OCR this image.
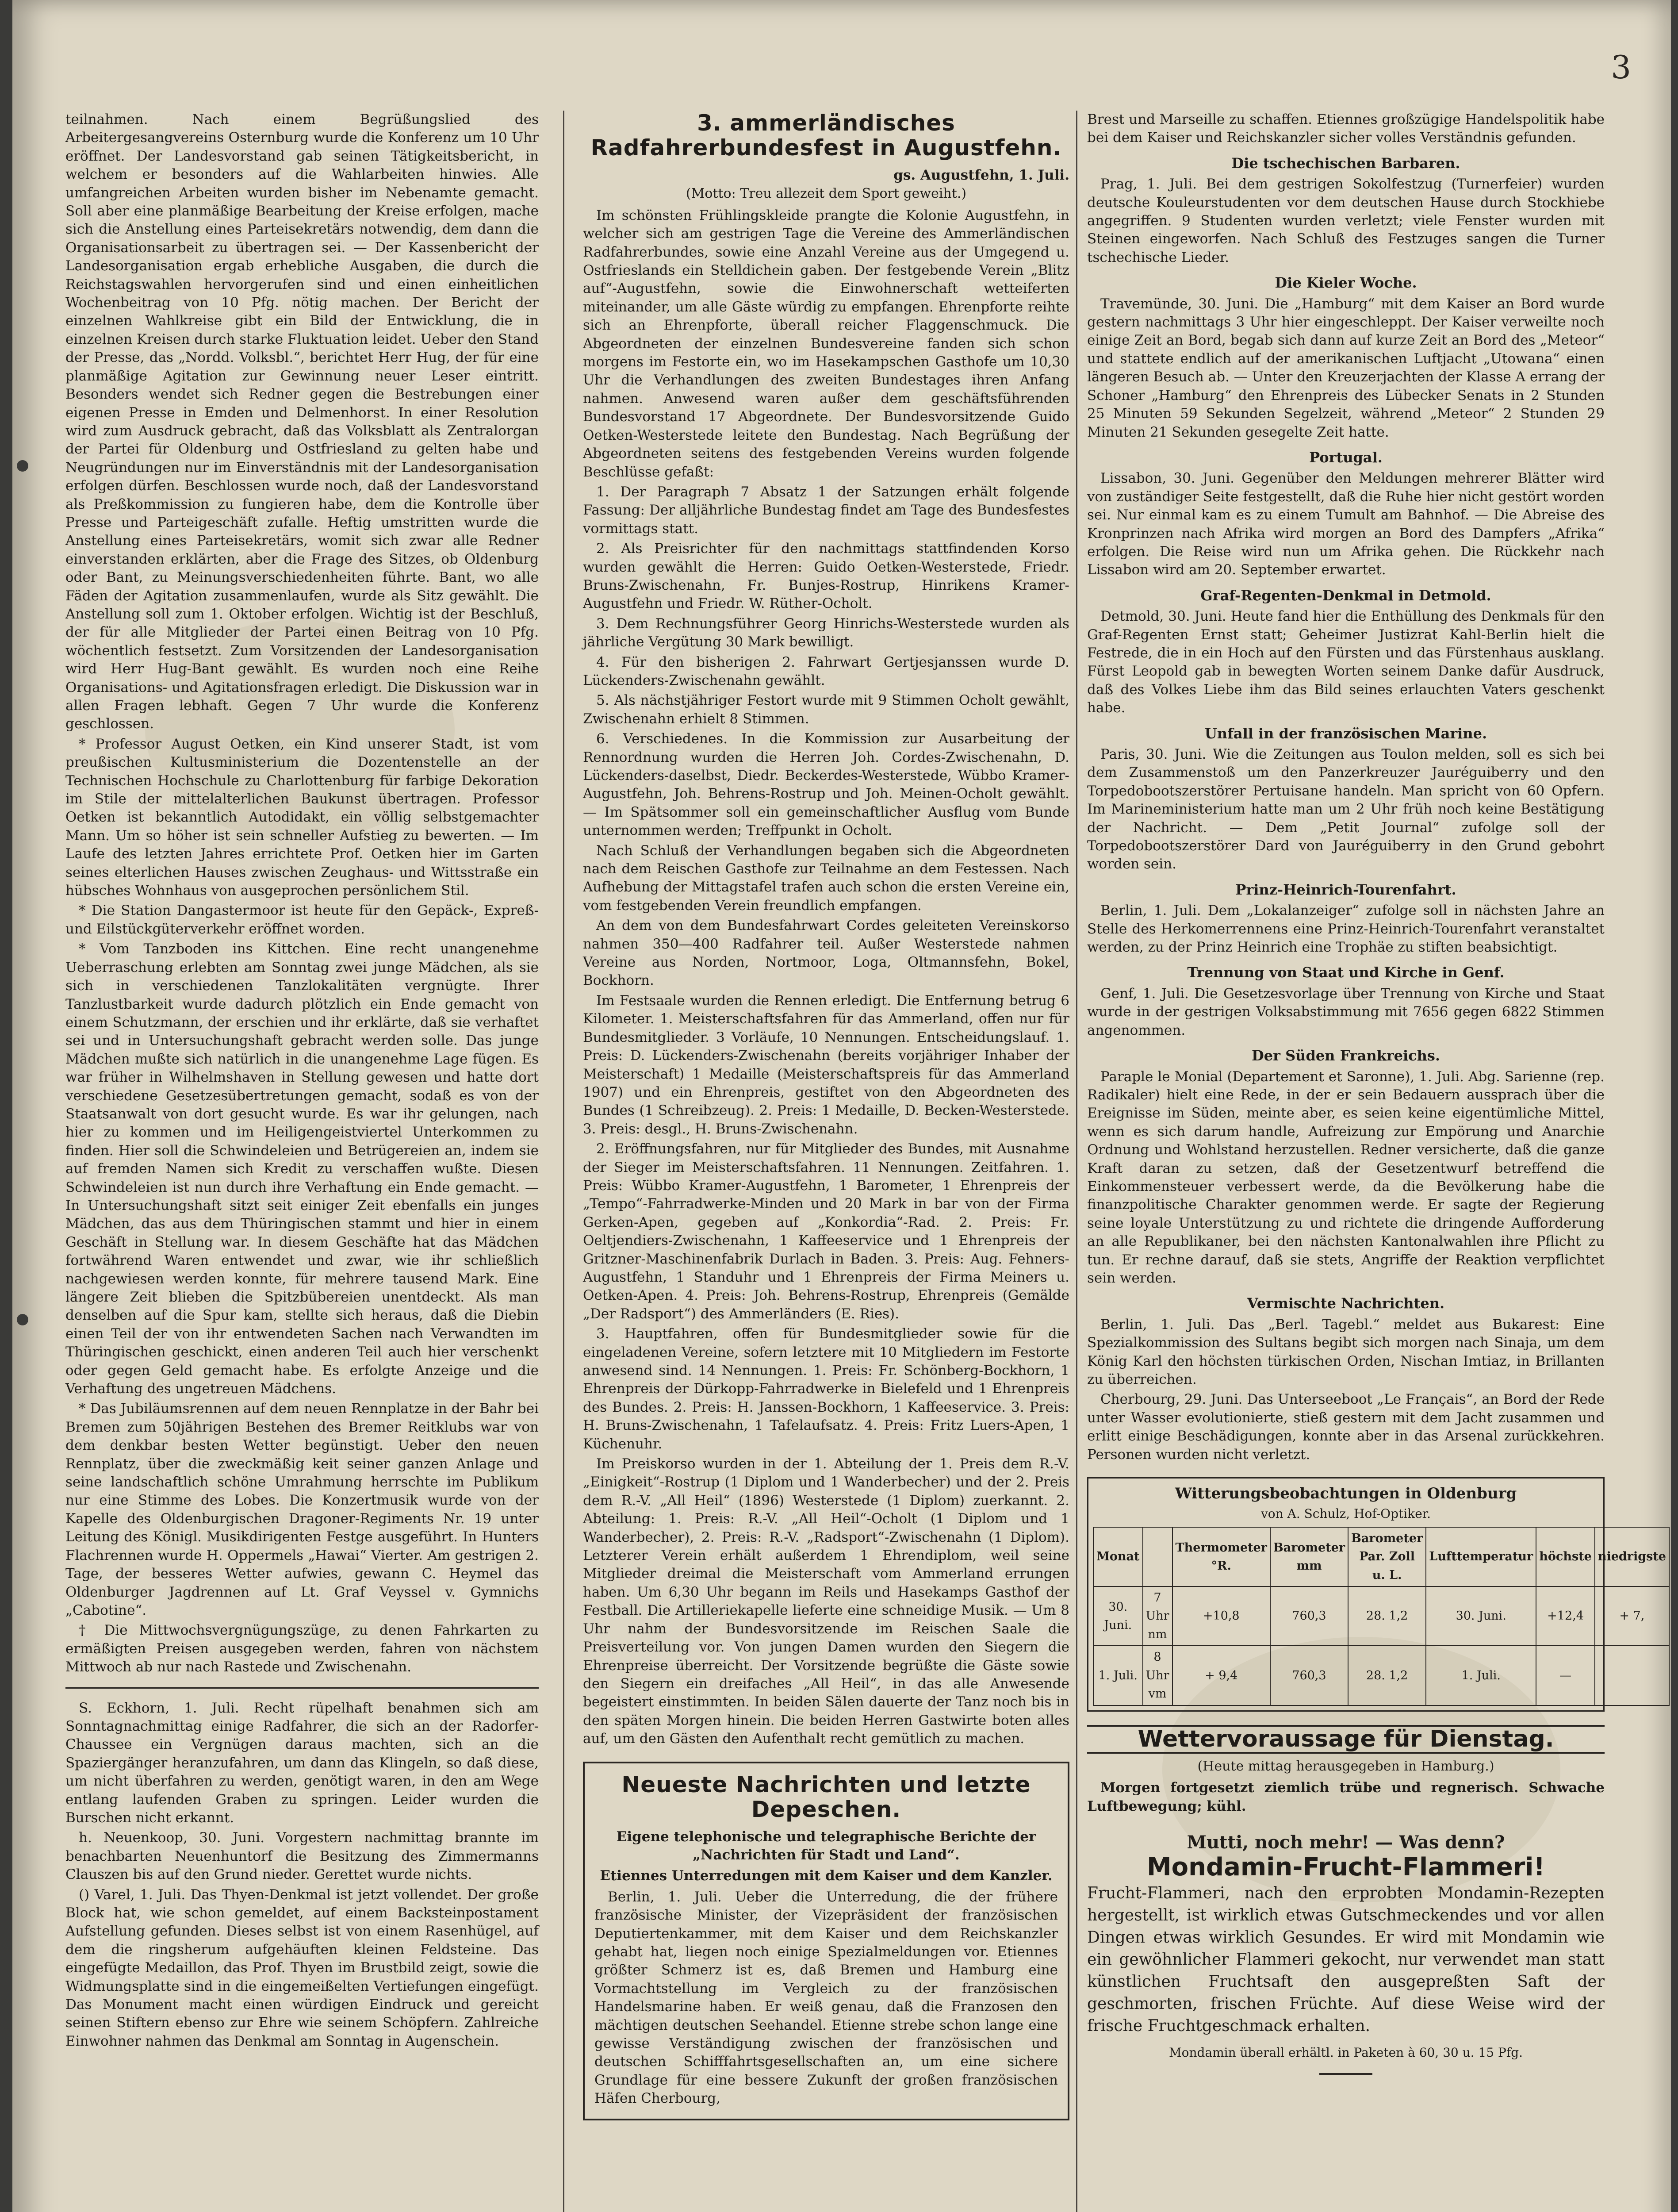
3

teilnahmen. Nach einem Begrüßungslied des Arbeitergesangvereins Osternburg wurde die Konferenz um 10 Uhr eröffnet. Der Landesvorstand gab seinen Tätigkeitsbericht, in welchem er besonders auf die Wahlarbeiten hinwies. Alle umfangreichen Arbeiten wurden bisher im Nebenamte gemacht. Soll aber eine planmäßige Bearbeitung der Kreise erfolgen, mache sich die Anstellung eines Parteisekretärs notwendig, dem dann die Organisationsarbeit zu übertragen sei. — Der Kassenbericht der Landesorganisation ergab erhebliche Ausgaben, die durch die Reichstagswahlen hervorgerufen sind und einen einheitlichen Wochenbeitrag von 10 Pfg. nötig machen. Der Bericht der einzelnen Wahlkreise gibt ein Bild der Entwicklung, die in einzelnen Kreisen durch starke Fluktuation leidet. Ueber den Stand der Presse, das „Nordd. Volksbl.“, berichtet Herr Hug, der für eine planmäßige Agitation zur Gewinnung neuer Leser eintritt. Besonders wendet sich Redner gegen die Bestrebungen einer eigenen Presse in Emden und Delmenhorst. In einer Resolution wird zum Ausdruck gebracht, daß das Volksblatt als Zentralorgan der Partei für Oldenburg und Ostfriesland zu gelten habe und Neugründungen nur im Einverständnis mit der Landesorganisation erfolgen dürfen. Beschlossen wurde noch, daß der Landesvorstand als Preßkommission zu fungieren habe, dem die Kontrolle über Presse und Parteigeschäft zufalle. Heftig umstritten wurde die Anstellung eines Parteisekretärs, womit sich zwar alle Redner einverstanden erklärten, aber die Frage des Sitzes, ob Oldenburg oder Bant, zu Meinungsverschiedenheiten führte. Bant, wo alle Fäden der Agitation zusammenlaufen, wurde als Sitz gewählt. Die Anstellung soll zum 1. Oktober erfolgen. Wichtig ist der Beschluß, der für alle Mitglieder der Partei einen Beitrag von 10 Pfg. wöchentlich festsetzt. Zum Vorsitzenden der Landesorganisation wird Herr Hug-Bant gewählt. Es wurden noch eine Reihe Organisations- und Agitationsfragen erledigt. Die Diskussion war in allen Fragen lebhaft. Gegen 7 Uhr wurde die Konferenz geschlossen.

* Professor August Oetken, ein Kind unserer Stadt, ist vom preußischen Kultusministerium die Dozentenstelle an der Technischen Hochschule zu Charlottenburg für farbige Dekoration im Stile der mittelalterlichen Baukunst übertragen. Professor Oetken ist bekanntlich Autodidakt, ein völlig selbstgemachter Mann. Um so höher ist sein schneller Aufstieg zu bewerten. — Im Laufe des letzten Jahres errichtete Prof. Oetken hier im Garten seines elterlichen Hauses zwischen Zeughaus- und Wittsstraße ein hübsches Wohnhaus von ausgeprochen persönlichem Stil.

* Die Station Dangastermoor ist heute für den Gepäck-, Expreß- und Eilstückgüterverkehr eröffnet worden.

* Vom Tanzboden ins Kittchen. Eine recht unangenehme Ueberraschung erlebten am Sonntag zwei junge Mädchen, als sie sich in verschiedenen Tanzlokalitäten vergnügte. Ihrer Tanzlustbarkeit wurde dadurch plötzlich ein Ende gemacht von einem Schutzmann, der erschien und ihr erklärte, daß sie verhaftet sei und in Untersuchungshaft gebracht werden solle. Das junge Mädchen mußte sich natürlich in die unangenehme Lage fügen. Es war früher in Wilhelmshaven in Stellung gewesen und hatte dort verschiedene Gesetzesübertretungen gemacht, sodaß es von der Staatsanwalt von dort gesucht wurde. Es war ihr gelungen, nach hier zu kommen und im Heiligengeistviertel Unterkommen zu finden. Hier soll die Schwindeleien und Betrügereien an, indem sie auf fremden Namen sich Kredit zu verschaffen wußte. Diesen Schwindeleien ist nun durch ihre Verhaftung ein Ende gemacht. — In Untersuchungshaft sitzt seit einiger Zeit ebenfalls ein junges Mädchen, das aus dem Thüringischen stammt und hier in einem Geschäft in Stellung war. In diesem Geschäfte hat das Mädchen fortwährend Waren entwendet und zwar, wie ihr schließlich nachgewiesen werden konnte, für mehrere tausend Mark. Eine längere Zeit blieben die Spitzbübereien unentdeckt. Als man denselben auf die Spur kam, stellte sich heraus, daß die Diebin einen Teil der von ihr entwendeten Sachen nach Verwandten im Thüringischen geschickt, einen anderen Teil auch hier verschenkt oder gegen Geld gemacht habe. Es erfolgte Anzeige und die Verhaftung des ungetreuen Mädchens.

* Das Jubiläumsrennen auf dem neuen Rennplatze in der Bahr bei Bremen zum 50jährigen Bestehen des Bremer Reitklubs war von dem denkbar besten Wetter begünstigt. Ueber den neuen Rennplatz, über die zweckmäßig keit seiner ganzen Anlage und seine landschaftlich schöne Umrahmung herrschte im Publikum nur eine Stimme des Lobes. Die Konzertmusik wurde von der Kapelle des Oldenburgischen Dragoner-Regiments Nr. 19 unter Leitung des Königl. Musikdirigenten Festge ausgeführt. In Hunters Flachrennen wurde H. Oppermels „Hawai“ Vierter. Am gestrigen 2. Tage, der besseres Wetter aufwies, gewann C. Heymel das Oldenburger Jagdrennen auf Lt. Graf Veyssel v. Gymnichs „Cabotine“.

† Die Mittwochsvergnügungszüge, zu denen Fahrkarten zu ermäßigten Preisen ausgegeben werden, fahren von nächstem Mittwoch ab nur nach Rastede und Zwischenahn.

S. Eckhorn, 1. Juli. Recht rüpelhaft benahmen sich am Sonntagnachmittag einige Radfahrer, die sich an der Radorfer-Chaussee ein Vergnügen daraus machten, sich an die Spaziergänger heranzufahren, um dann das Klingeln, so daß diese, um nicht überfahren zu werden, genötigt waren, in den am Wege entlang laufenden Graben zu springen. Leider wurden die Burschen nicht erkannt.

h. Neuenkoop, 30. Juni. Vorgestern nachmittag brannte im benachbarten Neuenhuntorf die Besitzung des Zimmermanns Clauszen bis auf den Grund nieder. Gerettet wurde nichts.

() Varel, 1. Juli. Das Thyen-Denkmal ist jetzt vollendet. Der große Block hat, wie schon gemeldet, auf einem Backsteinpostament Aufstellung gefunden. Dieses selbst ist von einem Rasenhügel, auf dem die ringsherum aufgehäuften kleinen Feldsteine. Das eingefügte Medaillon, das Prof. Thyen im Brustbild zeigt, sowie die Widmungsplatte sind in die eingemeißelten Vertiefungen eingefügt. Das Monument macht einen würdigen Eindruck und gereicht seinen Stiftern ebenso zur Ehre wie seinem Schöpfern. Zahlreiche Einwohner nahmen das Denkmal am Sonntag in Augenschein.

3. ammerländisches Radfahrerbundesfest in Augustfehn.

gs. Augustfehn, 1. Juli.

(Motto: Treu allezeit dem Sport geweiht.)

Im schönsten Frühlingskleide prangte die Kolonie Augustfehn, in welcher sich am gestrigen Tage die Vereine des Ammerländischen Radfahrerbundes, sowie eine Anzahl Vereine aus der Umgegend u. Ostfrieslands ein Stelldichein gaben. Der festgebende Verein „Blitz auf“-Augustfehn, sowie die Einwohnerschaft wetteiferten miteinander, um alle Gäste würdig zu empfangen. Ehrenpforte reihte sich an Ehrenpforte, überall reicher Flaggenschmuck. Die Abgeordneten der einzelnen Bundesvereine fanden sich schon morgens im Festorte ein, wo im Hasekampschen Gasthofe um 10,30 Uhr die Verhandlungen des zweiten Bundestages ihren Anfang nahmen. Anwesend waren außer dem geschäftsführenden Bundesvorstand 17 Abgeordnete. Der Bundesvorsitzende Guido Oetken-Westerstede leitete den Bundestag. Nach Begrüßung der Abgeordneten seitens des festgebenden Vereins wurden folgende Beschlüsse gefaßt:

1. Der Paragraph 7 Absatz 1 der Satzungen erhält folgende Fassung: Der alljährliche Bundestag findet am Tage des Bundesfestes vormittags statt.

2. Als Preisrichter für den nachmittags stattfindenden Korso wurden gewählt die Herren: Guido Oetken-Westerstede, Friedr. Bruns-Zwischenahn, Fr. Bunjes-Rostrup, Hinrikens Kramer-Augustfehn und Friedr. W. Rüther-Ocholt.

3. Dem Rechnungsführer Georg Hinrichs-Westerstede wurden als jährliche Vergütung 30 Mark bewilligt.

4. Für den bisherigen 2. Fahrwart Gertjesjanssen wurde D. Lückenders-Zwischenahn gewählt.

5. Als nächstjähriger Festort wurde mit 9 Stimmen Ocholt gewählt, Zwischenahn erhielt 8 Stimmen.

6. Verschiedenes. In die Kommission zur Ausarbeitung der Rennordnung wurden die Herren Joh. Cordes-Zwischenahn, D. Lückenders-daselbst, Diedr. Beckerdes-Westerstede, Wübbo Kramer-Augustfehn, Joh. Behrens-Rostrup und Joh. Meinen-Ocholt gewählt. — Im Spätsommer soll ein gemeinschaftlicher Ausflug vom Bunde unternommen werden; Treffpunkt in Ocholt.

Nach Schluß der Verhandlungen begaben sich die Abgeordneten nach dem Reischen Gasthofe zur Teilnahme an dem Festessen. Nach Aufhebung der Mittagstafel trafen auch schon die ersten Vereine ein, vom festgebenden Verein freundlich empfangen.

An dem von dem Bundesfahrwart Cordes geleiteten Vereinskorso nahmen 350—400 Radfahrer teil. Außer Westerstede nahmen Vereine aus Norden, Nortmoor, Loga, Oltmannsfehn, Bokel, Bockhorn.

Im Festsaale wurden die Rennen erledigt. Die Entfernung betrug 6 Kilometer. 1. Meisterschaftsfahren für das Ammerland, offen nur für Bundesmitglieder. 3 Vorläufe, 10 Nennungen. Entscheidungslauf. 1. Preis: D. Lückenders-Zwischenahn (bereits vorjähriger Inhaber der Meisterschaft) 1 Medaille (Meisterschaftspreis für das Ammerland 1907) und ein Ehrenpreis, gestiftet von den Abgeordneten des Bundes (1 Schreibzeug). 2. Preis: 1 Medaille, D. Becken-Westerstede. 3. Preis: desgl., H. Bruns-Zwischenahn.

2. Eröffnungsfahren, nur für Mitglieder des Bundes, mit Ausnahme der Sieger im Meisterschaftsfahren. 11 Nennungen. Zeitfahren. 1. Preis: Wübbo Kramer-Augustfehn, 1 Barometer, 1 Ehrenpreis der „Tempo“-Fahrradwerke-Minden und 20 Mark in bar von der Firma Gerken-Apen, gegeben auf „Konkordia“-Rad. 2. Preis: Fr. Oeltjendiers-Zwischenahn, 1 Kaffeeservice und 1 Ehrenpreis der Gritzner-Maschinenfabrik Durlach in Baden. 3. Preis: Aug. Fehners-Augustfehn, 1 Standuhr und 1 Ehrenpreis der Firma Meiners u. Oetken-Apen. 4. Preis: Joh. Behrens-Rostrup, Ehrenpreis (Gemälde „Der Radsport“) des Ammerländers (E. Ries).

3. Hauptfahren, offen für Bundesmitglieder sowie für die eingeladenen Vereine, sofern letztere mit 10 Mitgliedern im Festorte anwesend sind. 14 Nennungen. 1. Preis: Fr. Schönberg-Bockhorn, 1 Ehrenpreis der Dürkopp-Fahrradwerke in Bielefeld und 1 Ehrenpreis des Bundes. 2. Preis: H. Janssen-Bockhorn, 1 Kaffeeservice. 3. Preis: H. Bruns-Zwischenahn, 1 Tafelaufsatz. 4. Preis: Fritz Luers-Apen, 1 Küchenuhr.

Im Preiskorso wurden in der 1. Abteilung der 1. Preis dem R.-V. „Einigkeit“-Rostrup (1 Diplom und 1 Wanderbecher) und der 2. Preis dem R.-V. „All Heil“ (1896) Westerstede (1 Diplom) zuerkannt. 2. Abteilung: 1. Preis: R.-V. „All Heil“-Ocholt (1 Diplom und 1 Wanderbecher), 2. Preis: R.-V. „Radsport“-Zwischenahn (1 Diplom). Letzterer Verein erhält außerdem 1 Ehrendiplom, weil seine Mitglieder dreimal die Meisterschaft vom Ammerland errungen haben. Um 6,30 Uhr begann im Reils und Hasekamps Gasthof der Festball. Die Artilleriekapelle lieferte eine schneidige Musik. — Um 8 Uhr nahm der Bundesvorsitzende im Reischen Saale die Preisverteilung vor. Von jungen Damen wurden den Siegern die Ehrenpreise überreicht. Der Vorsitzende begrüßte die Gäste sowie den Siegern ein dreifaches „All Heil“, in das alle Anwesende begeistert einstimmten. In beiden Sälen dauerte der Tanz noch bis in den späten Morgen hinein. Die beiden Herren Gastwirte boten alles auf, um den Gästen den Aufenthalt recht gemütlich zu machen.

Neueste Nachrichten und letzte Depeschen.
Eigene telephonische und telegraphische Berichte der „Nachrichten für Stadt und Land“.
Etiennes Unterredungen mit dem Kaiser und dem Kanzler.

Berlin, 1. Juli. Ueber die Unterredung, die der frühere französische Minister, der Vizepräsident der französischen Deputiertenkammer, mit dem Kaiser und dem Reichskanzler gehabt hat, liegen noch einige Spezialmeldungen vor. Etiennes größter Schmerz ist es, daß Bremen und Hamburg eine Vormachtstellung im Vergleich zu der französischen Handelsmarine haben. Er weiß genau, daß die Franzosen den mächtigen deutschen Seehandel. Etienne strebe schon lange eine gewisse Verständigung zwischen der französischen und deutschen Schifffahrtsgesellschaften an, um eine sichere Grundlage für eine bessere Zukunft der großen französischen Häfen Cherbourg,

Brest und Marseille zu schaffen. Etiennes großzügige Handelspolitik habe bei dem Kaiser und Reichskanzler sicher volles Verständnis gefunden.

Die tschechischen Barbaren.

Prag, 1. Juli. Bei dem gestrigen Sokolfestzug (Turnerfeier) wurden deutsche Kouleurstudenten vor dem deutschen Hause durch Stockhiebe angegriffen. 9 Studenten wurden verletzt; viele Fenster wurden mit Steinen eingeworfen. Nach Schluß des Festzuges sangen die Turner tschechische Lieder.

Die Kieler Woche.

Travemünde, 30. Juni. Die „Hamburg“ mit dem Kaiser an Bord wurde gestern nachmittags 3 Uhr hier eingeschleppt. Der Kaiser verweilte noch einige Zeit an Bord, begab sich dann auf kurze Zeit an Bord des „Meteor“ und stattete endlich auf der amerikanischen Luftjacht „Utowana“ einen längeren Besuch ab. — Unter den Kreuzerjachten der Klasse A errang der Schoner „Hamburg“ den Ehrenpreis des Lübecker Senats in 2 Stunden 25 Minuten 59 Sekunden Segelzeit, während „Meteor“ 2 Stunden 29 Minuten 21 Sekunden gesegelte Zeit hatte.

Portugal.

Lissabon, 30. Juni. Gegenüber den Meldungen mehrerer Blätter wird von zuständiger Seite festgestellt, daß die Ruhe hier nicht gestört worden sei. Nur einmal kam es zu einem Tumult am Bahnhof. — Die Abreise des Kronprinzen nach Afrika wird morgen an Bord des Dampfers „Afrika“ erfolgen. Die Reise wird nun um Afrika gehen. Die Rückkehr nach Lissabon wird am 20. September erwartet.

Graf-Regenten-Denkmal in Detmold.

Detmold, 30. Juni. Heute fand hier die Enthüllung des Denkmals für den Graf-Regenten Ernst statt; Geheimer Justizrat Kahl-Berlin hielt die Festrede, die in ein Hoch auf den Fürsten und das Fürstenhaus ausklang. Fürst Leopold gab in bewegten Worten seinem Danke dafür Ausdruck, daß des Volkes Liebe ihm das Bild seines erlauchten Vaters geschenkt habe.

Unfall in der französischen Marine.

Paris, 30. Juni. Wie die Zeitungen aus Toulon melden, soll es sich bei dem Zusammenstoß um den Panzerkreuzer Jauréguiberry und den Torpedobootszerstörer Pertuisane handeln. Man spricht von 60 Opfern. Im Marineministerium hatte man um 2 Uhr früh noch keine Bestätigung der Nachricht. — Dem „Petit Journal“ zufolge soll der Torpedobootszerstörer Dard von Jauréguiberry in den Grund gebohrt worden sein.

Prinz-Heinrich-Tourenfahrt.

Berlin, 1. Juli. Dem „Lokalanzeiger“ zufolge soll in nächsten Jahre an Stelle des Herkomerrennens eine Prinz-Heinrich-Tourenfahrt veranstaltet werden, zu der Prinz Heinrich eine Trophäe zu stiften beabsichtigt.

Trennung von Staat und Kirche in Genf.

Genf, 1. Juli. Die Gesetzesvorlage über Trennung von Kirche und Staat wurde in der gestrigen Volksabstimmung mit 7656 gegen 6822 Stimmen angenommen.

Der Süden Frankreichs.

Paraple le Monial (Departement et Saronne), 1. Juli. Abg. Sarienne (rep. Radikaler) hielt eine Rede, in der er sein Bedauern aussprach über die Ereignisse im Süden, meinte aber, es seien keine eigentümliche Mittel, wenn es sich darum handle, Aufreizung zur Empörung und Anarchie Ordnung und Wohlstand herzustellen. Redner versicherte, daß die ganze Kraft daran zu setzen, daß der Gesetzentwurf betreffend die Einkommensteuer verbessert werde, da die Bevölkerung habe die finanzpolitische Charakter genommen werde. Er sagte der Regierung seine loyale Unterstützung zu und richtete die dringende Aufforderung an alle Republikaner, bei den nächsten Kantonalwahlen ihre Pflicht zu tun. Er rechne darauf, daß sie stets, Angriffe der Reaktion verpflichtet sein werden.

Vermischte Nachrichten.

Berlin, 1. Juli. Das „Berl. Tagebl.“ meldet aus Bukarest: Eine Spezialkommission des Sultans begibt sich morgen nach Sinaja, um dem König Karl den höchsten türkischen Orden, Nischan Imtiaz, in Brillanten zu überreichen.

Cherbourg, 29. Juni. Das Unterseeboot „Le Français“, an Bord der Rede unter Wasser evolutionierte, stieß gestern mit dem Jacht zusammen und erlitt einige Beschädigungen, konnte aber in das Arsenal zurückkehren. Personen wurden nicht verletzt.

Witterungsbeobachtungen in Oldenburg
von A. Schulz, Hof-Optiker.
Monat		Thermometer °R.	Barometer mm	Barometer Par. Zoll u. L.	Lufttemperatur	höchste	niedrigste
30. Juni.	7 Uhr nm	+10,8	760,3	28. 1,2	30. Juni.	+12,4	+ 7,
1. Juli.	8 Uhr vm	+ 9,4	760,3	28. 1,2	1. Juli.	—	
Wettervoraussage für Dienstag.
(Heute mittag herausgegeben in Hamburg.)

Morgen fortgesetzt ziemlich trübe und regnerisch. Schwache Luftbewegung; kühl.

Mutti, noch mehr! — Was denn?
Mondamin-Frucht-Flammeri!
Frucht-Flammeri, nach den erprobten Mondamin-Rezepten hergestellt, ist wirklich etwas Gutschmeckendes und vor allen Dingen etwas wirklich Gesundes. Er wird mit Mondamin wie ein gewöhnlicher Flammeri gekocht, nur verwendet man statt künstlichen Fruchtsaft den ausgepreßten Saft der geschmorten, frischen Früchte. Auf diese Weise wird der frische Fruchtgeschmack erhalten.
Mondamin überall erhältl. in Paketen à 60, 30 u. 15 Pfg.
